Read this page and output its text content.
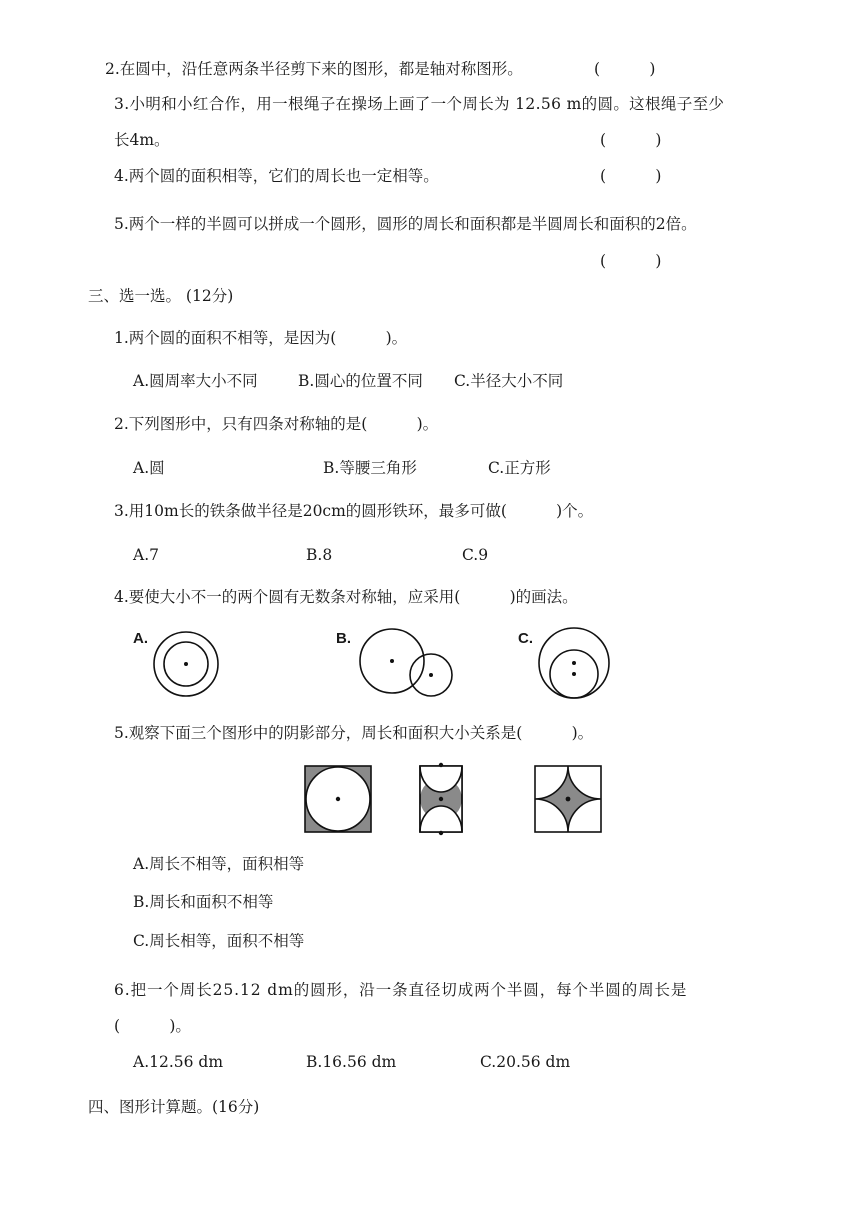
2.在圆中，沿任意两条半径剪下来的图形，都是轴对称图形。	(          )
3.小明和小红合作，用一根绳子在操场上画了一个周长为 12.56 m的圆。这根绳子至少
长4m。	(          )
4.两个圆的面积相等，它们的周长也一定相等。	(          )
5.两个一样的半圆可以拼成一个圆形，圆形的周长和面积都是半圆周长和面积的2倍。
(          )
三、选一选。 (12分)
1.两个圆的面积不相等，是因为(          )。
A.圆周率大小不同	B.圆心的位置不同 C.半径大小不同
2.下列图形中，只有四条对称轴的是(          )。
A.圆	B.等腰三角形	C.正方形
3.用10m长的铁条做半径是20cm的圆形铁环，最多可做(          )个。
A.7	B.8	C.9
4.要使大小不一的两个圆有无数条对称轴，应采用(          )的画法。
A.	B.	C.
5.观察下面三个图形中的阴影部分，周长和面积大小关系是(          )。
A.周长不相等，面积相等
B.周长和面积不相等
C.周长相等，面积不相等
6.把一个周长25.12 dm的圆形，沿一条直径切成两个半圆，每个半圆的周长是
(          )。
A.12.56 dm	B.16.56 dm	C.20.56 dm
四、图形计算题。(16分)
